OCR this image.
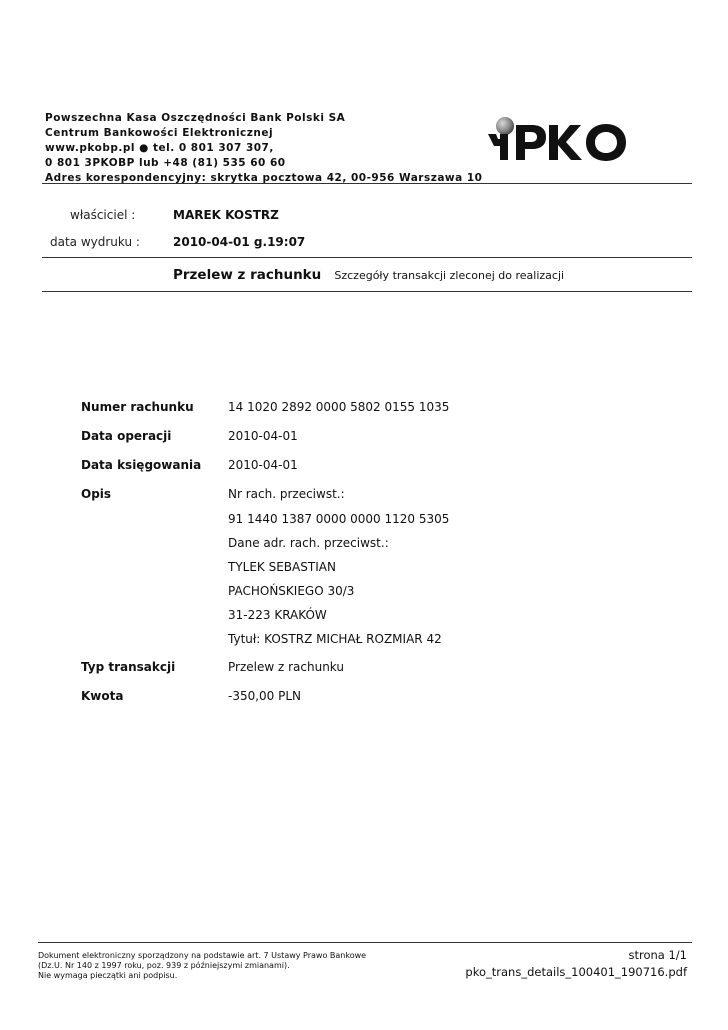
Powszechna Kasa Oszczędności Bank Polski SA
Centrum Bankowości Elektronicznej
www.pkobp.pl ● tel. 0 801 307 307,
0 801 3PKOBP lub +48 (81) 535 60 60
Adres korespondencyjny: skrytka pocztowa 42, 00-956 Warszawa 10
właściciel :	MAREK KOSTRZ
data wydruku :	2010-04-01 g.19:07
Przelew z rachunku Szczegóły transakcji zleconej do realizacji
Numer rachunku	14 1020 2892 0000 5802 0155 1035
Data operacji	2010-04-01
Data księgowania 2010-04-01
Opis	Nr rach. przeciwst.:
91 1440 1387 0000 0000 1120 5305
Dane adr. rach. przeciwst.:
TYLEK SEBASTIAN
PACHOŃSKIEGO 30/3
31-223 KRAKÓW
Tytuł: KOSTRZ MICHAŁ ROZMIAR 42
Typ transakcji	Przelew z rachunku
Kwota	-350,00 PLN
Dokument elektroniczny sporządzony na podstawie art. 7 Ustawy Prawo Bankowe
(Dz.U. Nr 140 z 1997 roku, poz. 939 z późniejszymi zmianami).
Nie wymaga pieczątki ani podpisu.
strona 1/1
pko_trans_details_100401_190716.pdf
